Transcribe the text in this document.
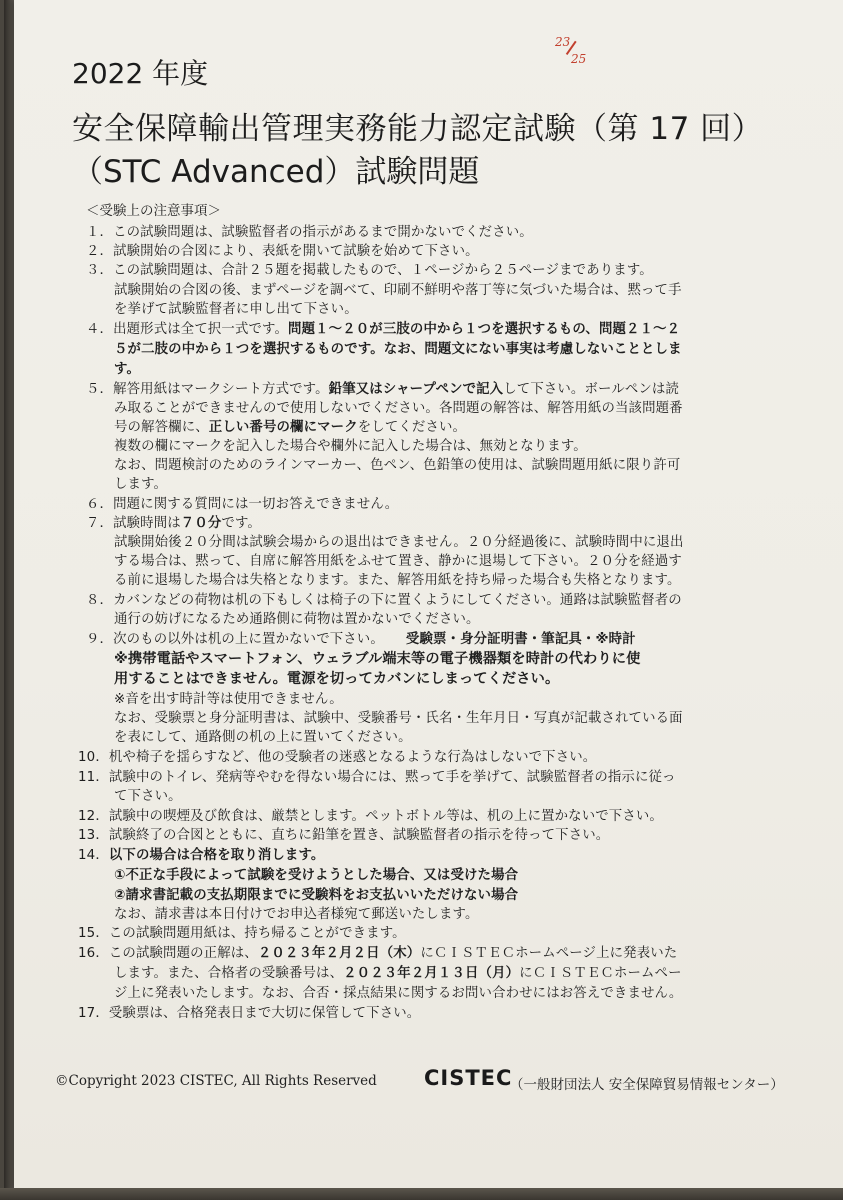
23
25
2022 年度
安全保障輸出管理実務能力認定試験（第 17 回）
（STC Advanced）試験問題
＜受験上の注意事項＞
１．この試験問題は、試験監督者の指示があるまで開かないでください。
２．試験開始の合図により、表紙を開いて試験を始めて下さい。
３．この試験問題は、合計２５題を掲載したもので、１ページから２５ページまであります。
試験開始の合図の後、まずページを調べて、印刷不鮮明や落丁等に気づいた場合は、黙って手
を挙げて試験監督者に申し出て下さい。
４．出題形式は全て択一式です。問題１～２０が三肢の中から１つを選択するもの、問題２１～２
５が二肢の中から１つを選択するものです。なお、問題文にない事実は考慮しないこととしま
す。
５．解答用紙はマークシート方式です。鉛筆又はシャープペンで記入して下さい。ボールペンは読
み取ることができませんので使用しないでください。各問題の解答は、解答用紙の当該問題番
号の解答欄に、正しい番号の欄にマークをしてください。
複数の欄にマークを記入した場合や欄外に記入した場合は、無効となります。
なお、問題検討のためのラインマーカー、色ペン、色鉛筆の使用は、試験問題用紙に限り許可
します。
６．問題に関する質問には一切お答えできません。
７．試験時間は７０分です。
試験開始後２０分間は試験会場からの退出はできません。２０分経過後に、試験時間中に退出
する場合は、黙って、自席に解答用紙をふせて置き、静かに退場して下さい。２０分を経過す
る前に退場した場合は失格となります。また、解答用紙を持ち帰った場合も失格となります。
８．カバンなどの荷物は机の下もしくは椅子の下に置くようにしてください。通路は試験監督者の
通行の妨げになるため通路側に荷物は置かないでください。
９．次のもの以外は机の上に置かないで下さい。 受験票・身分証明書・筆記具・※時計
※携帯電話やスマートフォン、ウェラブル端末等の電子機器類を時計の代わりに使
用することはできません。電源を切ってカバンにしまってください。
※音を出す時計等は使用できません。
なお、受験票と身分証明書は、試験中、受験番号・氏名・生年月日・写真が記載されている面
を表にして、通路側の机の上に置いてください。
10．机や椅子を揺らすなど、他の受験者の迷惑となるような行為はしないで下さい。
11．試験中のトイレ、発病等やむを得ない場合には、黙って手を挙げて、試験監督者の指示に従っ
て下さい。
12．試験中の喫煙及び飲食は、厳禁とします。ペットボトル等は、机の上に置かないで下さい。
13．試験終了の合図とともに、直ちに鉛筆を置き、試験監督者の指示を待って下さい。
14．以下の場合は合格を取り消します。
①不正な手段によって試験を受けようとした場合、又は受けた場合
②請求書記載の支払期限までに受験料をお支払いいただけない場合
なお、請求書は本日付けでお申込者様宛て郵送いたします。
15．この試験問題用紙は、持ち帰ることができます。
16．この試験問題の正解は、２０２３年２月２日（木）にＣＩＳＴＥＣホームページ上に発表いた
します。また、合格者の受験番号は、２０２３年２月１３日（月）にＣＩＳＴＥＣホームペー
ジ上に発表いたします。なお、合否・採点結果に関するお問い合わせにはお答えできません。
17．受験票は、合格発表日まで大切に保管して下さい。
©Copyright 2023 CISTEC, All Rights Reserved CISTEC
（一般財団法人 安全保障貿易情報センター）
